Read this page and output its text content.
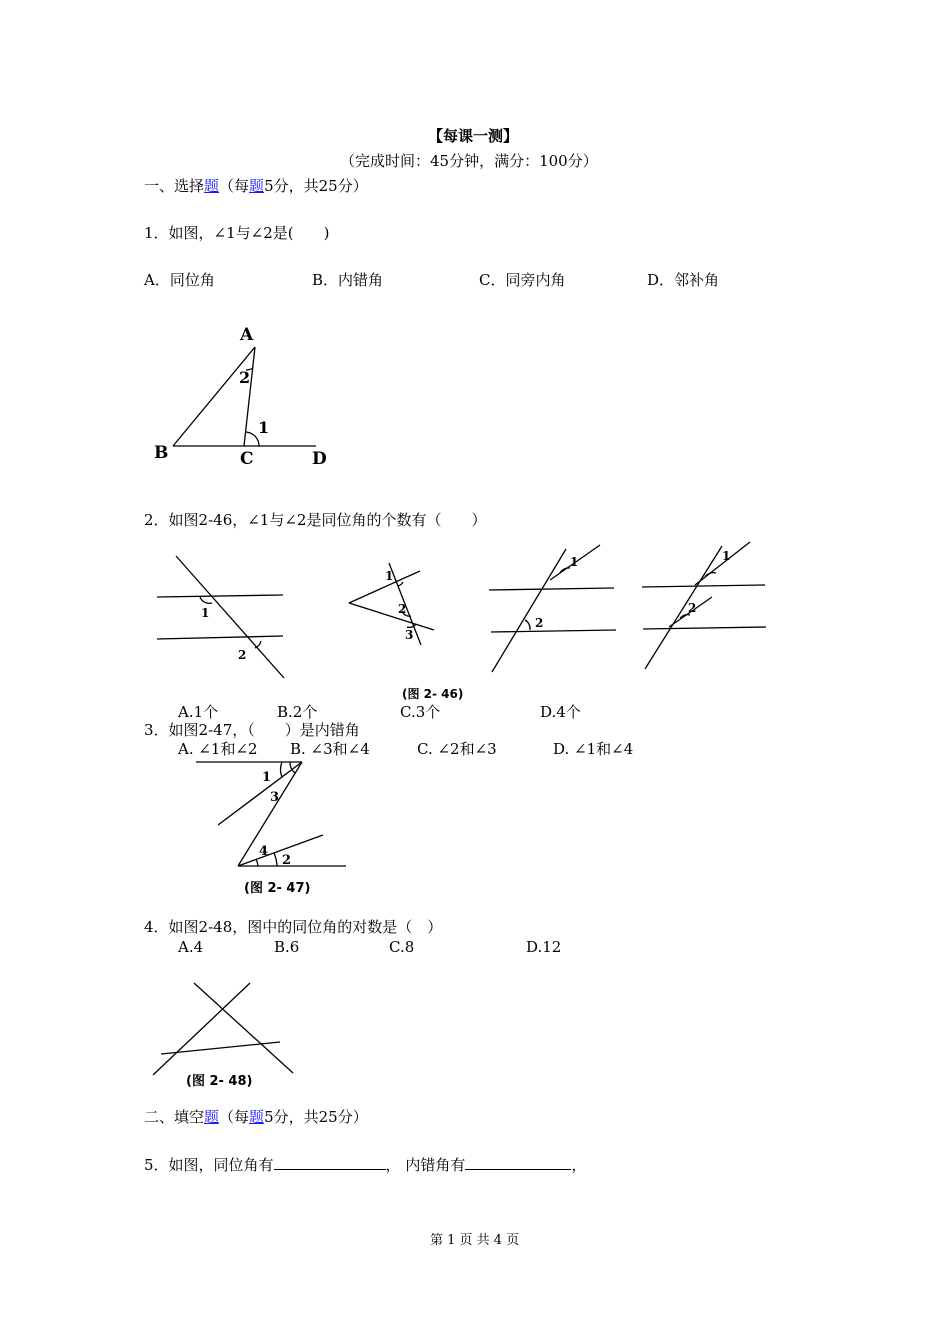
【每课一测】
（完成时间：45分钟，满分：100分）
一、选择题（每题5分，共25分）
1．如图，∠1与∠2是(　　)
A．同位角	B．内错角	C．同旁内角	D．邻补角
A
B	C	D
2
1
2．如图2-46，∠1与∠2是同位角的个数有（　　）
1
2
1
2
3
1
2
1
2
(图 2- 46)
A.1个	B.2个	C.3个	D.4个
3．如图2-47，（　　）是内错角
A. ∠1和∠2 B. ∠3和∠4	C. ∠2和∠3	D. ∠1和∠4
1
3
4
2
(图 2- 47)
4．如图2-48，图中的同位角的对数是（　）
A.4	B.6	C.8	D.12
(图 2- 48)
二、填空题（每题5分，共25分）
5．如图，同位角有	， 内错角有	，
第 1 页 共 4 页
